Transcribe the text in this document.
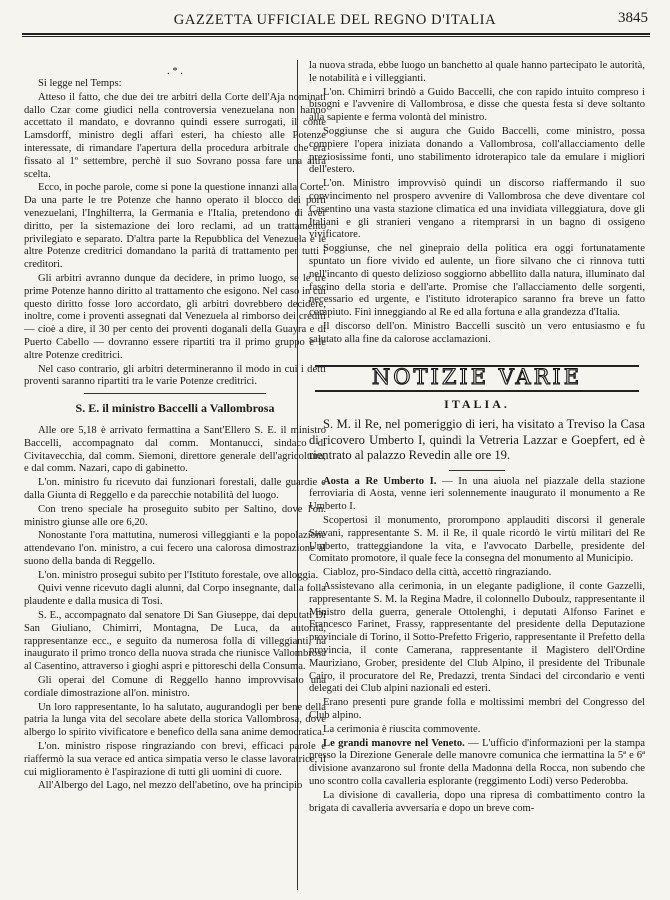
GAZZETTA UFFICIALE DEL REGNO D'ITALIA	3845
. * .

Si legge nel Temps:

Atteso il fatto, che due dei tre arbitri della Corte dell'Aja nominati dallo Czar come giudici nella controversia venezuelana non hanno accettato il mandato, e dovranno quindi essere surrogati, il conte Lamsdorff, ministro degli affari esteri, ha chiesto alle Potenze interessate, di rimandare l'apertura della procedura arbitrale che era fissato al 1º settembre, perchè il suo Sovrano possa fare una altra scelta.

Ecco, in poche parole, come si pone la questione innanzi alla Corte. Da una parte le tre Potenze che hanno operato il blocco dei porti venezuelani, l'Inghilterra, la Germania e l'Italia, pretendono di aver diritto, per la sistemazione dei loro reclami, ad un trattamento privilegiato e separato. D'altra parte la Repubblica del Venezuela e le altre Potenze creditrici domandano la parità di trattamento per tutti i creditori.

Gli arbitri avranno dunque da decidere, in primo luogo, se le tre prime Potenze hanno diritto al trattamento che esigono. Nel caso in cui questo diritto fosse loro accordato, gli arbitri dovrebbero decidere, inoltre, come i proventi assegnati dal Venezuela al rimborso dei crediti — cioè a dire, il 30 per cento dei proventi doganali della Guayra e di Puerto Cabello — dovranno essere ripartiti tra il primo gruppo e le altre Potenze creditrici.

Nel caso contrario, gli arbitri determineranno il modo in cui i detti proventi saranno ripartiti tra le varie Potenze creditrici.

S. E. il ministro Baccelli a Vallombrosa

Alle ore 5,18 è arrivato fermattina a Sant'Ellero S. E. il ministro Baccelli, accompagnato dal comm. Montanucci, sindaco di Civitavecchia, dal comm. Siemoni, direttore generale dell'agricoltura, e dal comm. Nazari, capo di gabinetto.

L'on. ministro fu ricevuto dai funzionari forestali, dalle guardie e dalla Giunta di Reggello e da parecchie notabilità del luogo.

Con treno speciale ha proseguito subito per Saltino, dove l'on. ministro giunse alle ore 6,20.

Nonostante l'ora mattutina, numerosi villeggianti e la popolazione attendevano l'on. ministro, a cui fecero una calorosa dimostrazione al suono della banda di Reggello.

L'on. ministro prosegui subito per l'Istituto forestale, ove alloggia.

Quivi venne ricevuto dagli alunni, dal Corpo insegnante, dalla folla plaudente e dalla musica di Tosi.

S. E., accompagnato dal senatore Di San Giuseppe, dai deputati Di San Giuliano, Chimirri, Montagna, De Luca, da autorità, rappresentanze ecc., e seguito da numerosa folla di villeggianti, ha inaugurato il primo tronco della nuova strada che riunisce Vallombrosa al Casentino, attraverso i gioghi aspri e pittoreschi della Consuma.

Gli operai del Comune di Reggello hanno improvvisato una cordiale dimostrazione all'on. ministro.

Un loro rappresentante, lo ha salutato, augurandogli per bene della patria la lunga vita del secolare abete della storica Vallombrosa, dove albergo lo spirito vivificatore e benefico della sana anime democratica.

L'on. ministro rispose ringraziando con brevi, efficaci parole e riaffermò la sua verace ed antica simpatia verso le classe lavoratrice, il cui miglioramento è l'aspirazione di tutti gli uomini di cuore.

All'Albergo del Lago, nel mezzo dell'abetino, ove ha principio

la nuova strada, ebbe luogo un banchetto al quale hanno partecipato le autorità, le notabilità e i villeggianti.

L'on. Chimirri brindò a Guido Baccelli, che con rapido intuito compreso i bisogni e l'avvenire di Vallombrosa, e disse che questa festa si deve soltanto alla sapiente e ferma volontà del ministro.

Soggiunse che si augura che Guido Baccelli, come ministro, possa compiere l'opera iniziata donando a Vallombrosa, coll'allacciamento delle preziosissime fonti, uno stabilimento idroterapico tale da emulare i migliori dell'estero.

L'on. Ministro improvvisò quindi un discorso riaffermando il suo convincimento nel prospero avvenire di Vallombrosa che deve diventare col Casentino una vasta stazione climatica ed una invidiata villeggiatura, dove gli Italiani e gli stranieri vengano a ritemprarsi in un bagno di ossigeno vivificatore.

Soggiunse, che nel ginepraio della politica era oggi fortunatamente spuntato un fiore vivido ed aulente, un fiore silvano che ci rinnova tutti nell'incanto di questo delizioso soggiorno abbellito dalla natura, illuminato dal fascino della storia e dell'arte. Promise che l'allacciamento delle sorgenti, necessario ed urgente, e l'istituto idroterapico saranno fra breve un fatto compiuto. Finì inneggiando al Re ed alla fortuna e alla grandezza d'Italia.

Il discorso dell'on. Ministro Baccelli suscitò un vero entusiasmo e fu salutato alla fine da calorose acclamazioni.

NOTIZIE VARIE
ITALIA.
S. M. il Re, nel pomeriggio di ieri, ha visitato a Treviso la Casa di ricovero Umberto I, quindi la Vetreria Lazzar e Goepfert, ed è rientrato al palazzo Revedin alle ore 19.

Aosta a Re Umberto I. — In una aiuola nel piazzale della stazione ferroviaria di Aosta, venne ieri solennemente inaugurato il monumento a Re Umberto I.

Scopertosi il monumento, prorompono applauditi discorsi il generale Stevani, rappresentante S. M. il Re, il quale ricordò le virtù militari del Re Umberto, tratteggiandone la vita, e l'avvocato Darbelle, presidente del Comitato promotore, il quale fece la consegna del monumento al Municipio.

Ciabloz, pro-Sindaco della città, accettò ringraziando.

Assistevano alla cerimonia, in un elegante padiglione, il conte Gazzelli, rappresentante S. M. la Regina Madre, il colonnello Duboulz, rappresentante il Ministro della guerra, generale Ottolenghi, i deputati Alfonso Farinet e Francesco Farinet, Frassy, rappresentante del presidente della Deputazione provinciale di Torino, il Sotto-Prefetto Frigerio, rappresentante il Prefetto della provincia, il conte Camerana, rappresentante il Magistero dell'Ordine Mauriziano, Grober, presidente del Club Alpino, il presidente del Tribunale Cairo, il procuratore del Re, Predazzi, trenta Sindaci del circondario e venti delegati dei Club alpini nazionali ed esteri.

Erano presenti pure grande folla e moltissimi membri del Congresso del Club alpino.

La cerimonia è riuscita commovente.

Le grandi manovre nel Veneto. — L'ufficio d'informazioni per la stampa presso la Direzione Generale delle manovre comunica che iermattina la 5ª e 6ª divisione avanzarono sul fronte della Madonna della Rocca, non subendo che uno scontro colla cavalleria esplorante (reggimento Lodi) verso Pederobba.

La divisione di cavalleria, dopo una ripresa di combattimento contro la brigata di cavalleria avversaria e dopo un breve com-
